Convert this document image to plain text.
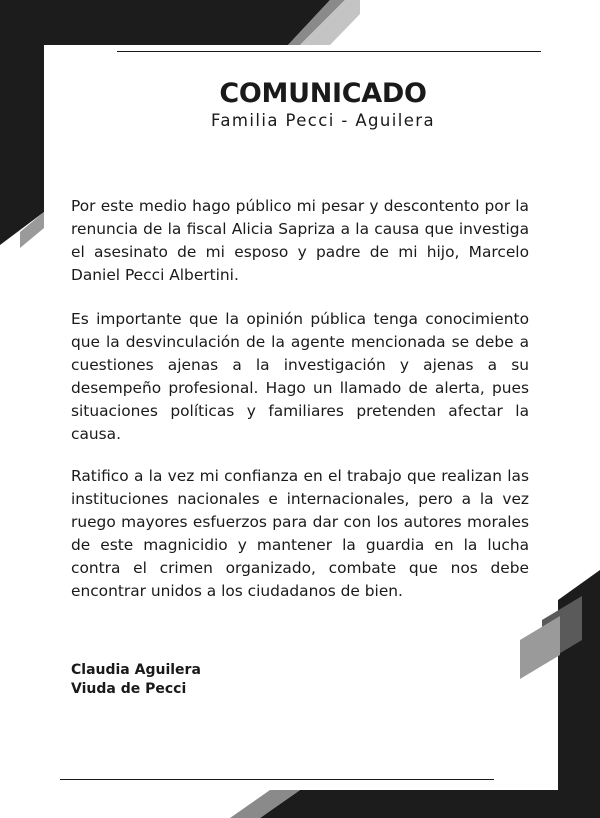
COMUNICADO
Familia Pecci - Aguilera

Por este medio hago público mi pesar y descontento por la renuncia de la fiscal Alicia Sapriza a la causa que investiga el asesinato de mi esposo y padre de mi hijo, Marcelo Daniel Pecci Albertini.

Es importante que la opinión pública tenga conocimiento que la desvinculación de la agente mencionada se debe a cuestiones ajenas a la investigación y ajenas a su desempeño profesional. Hago un llamado de alerta, pues situaciones políticas y familiares pretenden afectar la causa.

Ratifico a la vez mi confianza en el trabajo que realizan las instituciones nacionales e internacionales, pero a la vez ruego mayores esfuerzos para dar con los autores morales de este magnicidio y mantener la guardia en la lucha contra el crimen organizado, combate que nos debe encontrar unidos a los ciudadanos de bien.

Claudia Aguilera
Viuda de Pecci
